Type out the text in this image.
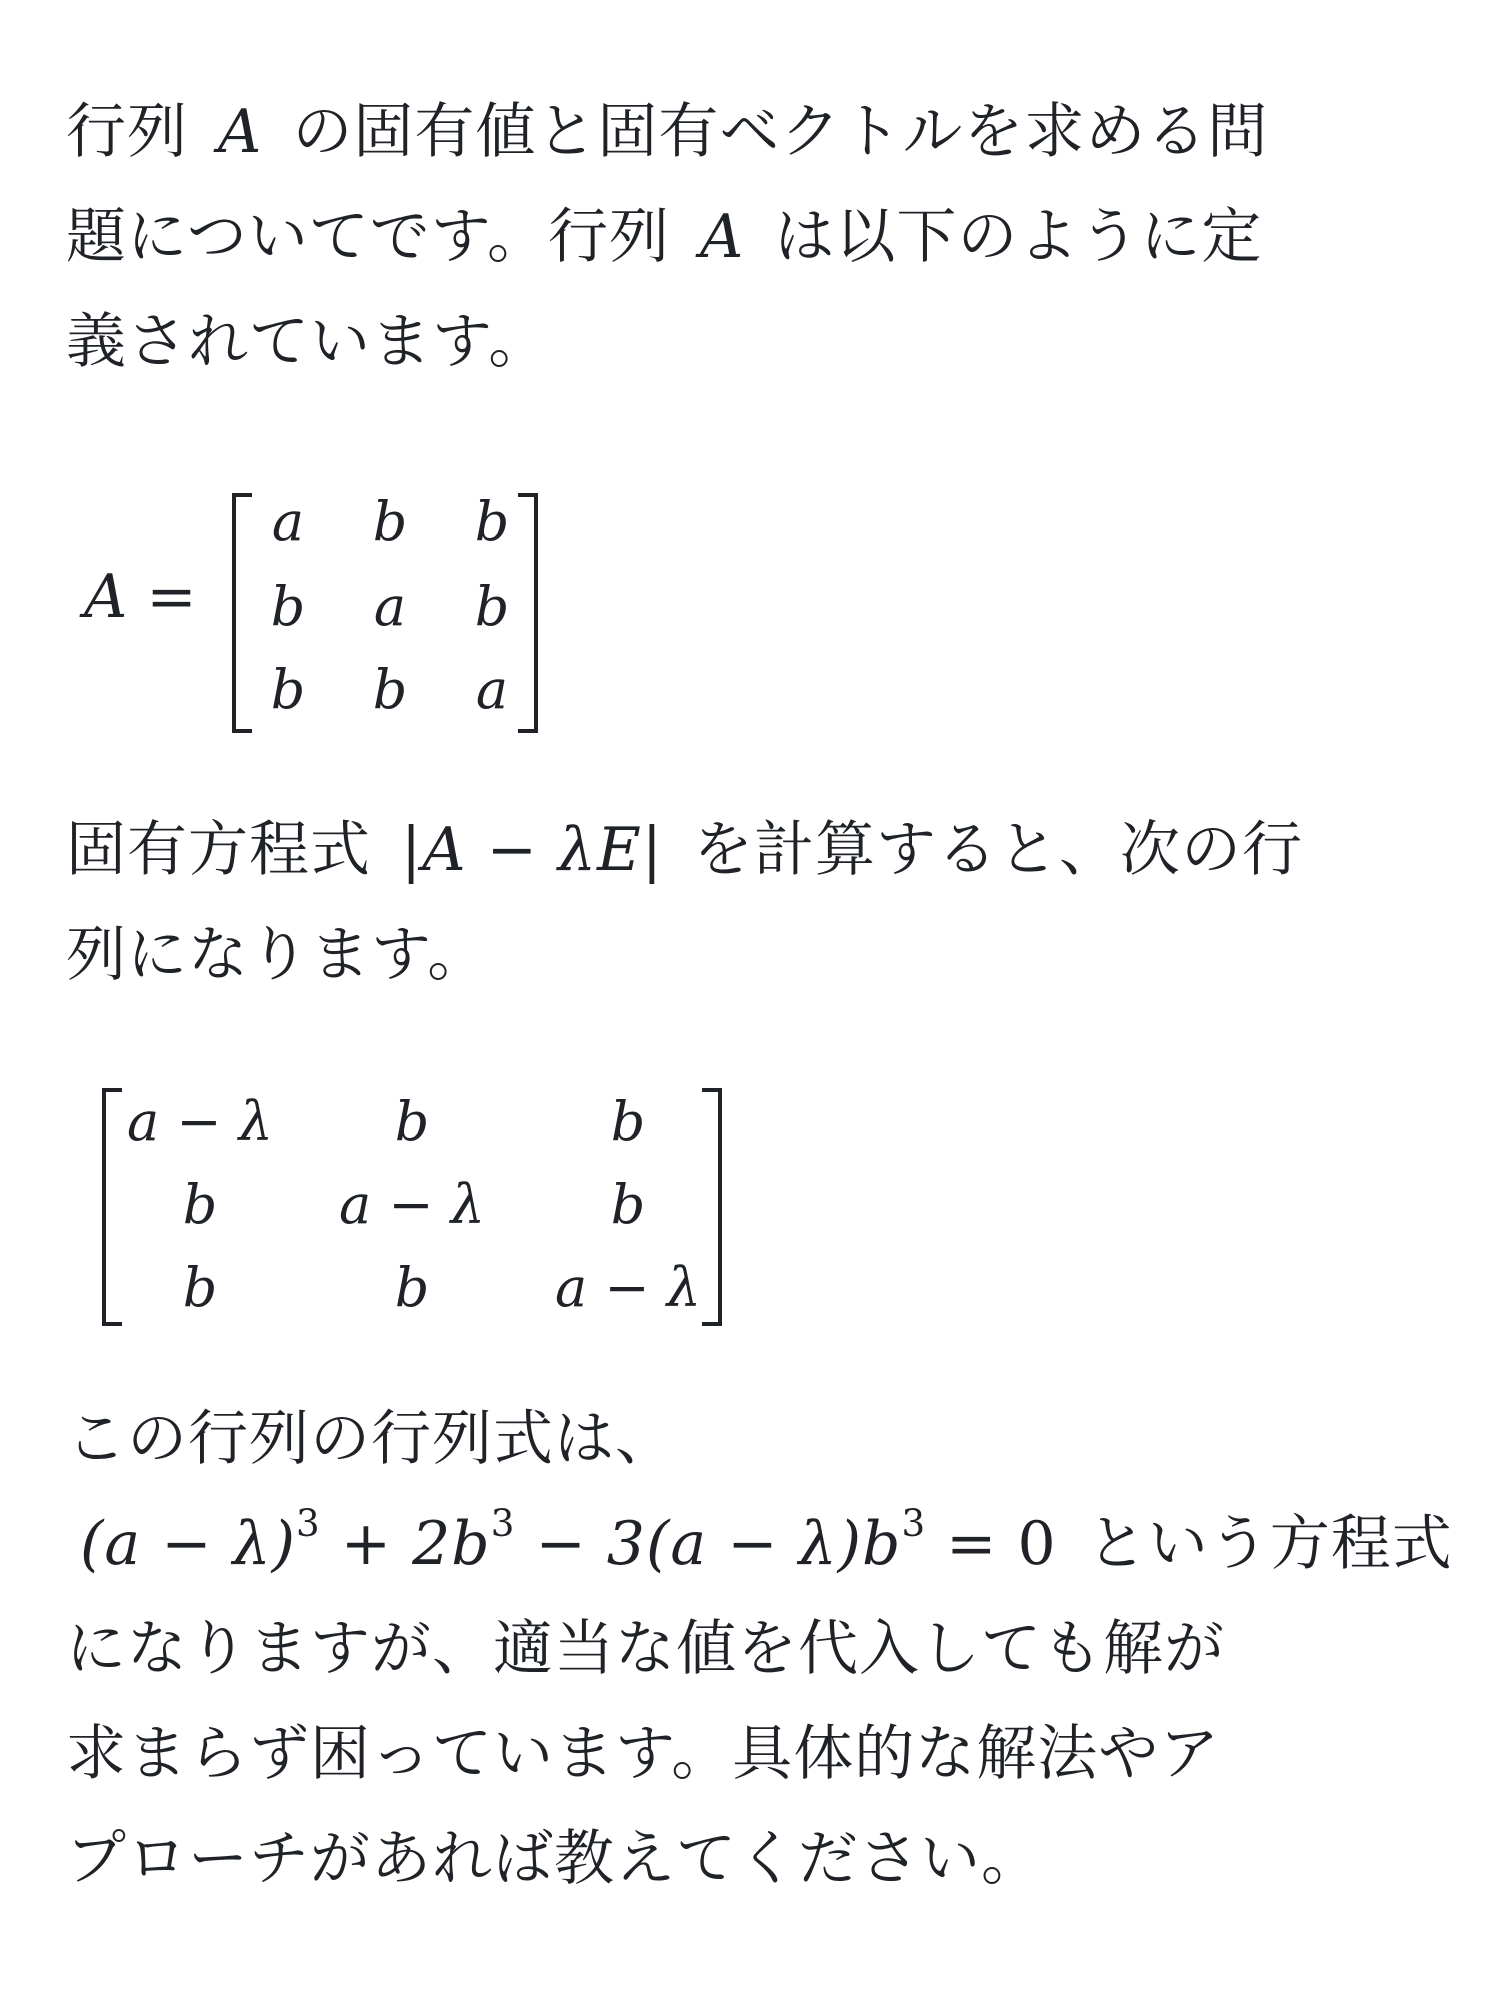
行列 A の固有値と固有ベクトルを求める問
題についてです。行列 A は以下のように定
義されています。
A =
a b b
b a b
b b a
固有方程式 |A − λE| を計算すると、次の行
列になります。
a − λ b	b
b a − λ b
b	b a − λ
この行列の行列式は、
$(a - \lambda)^3 + 2b^3 - 3(a - \lambda)b^3 = 0$ という方程式
になりますが、適当な値を代入しても解が
求まらず困っています。具体的な解法やア
プローチがあれば教えてください。
